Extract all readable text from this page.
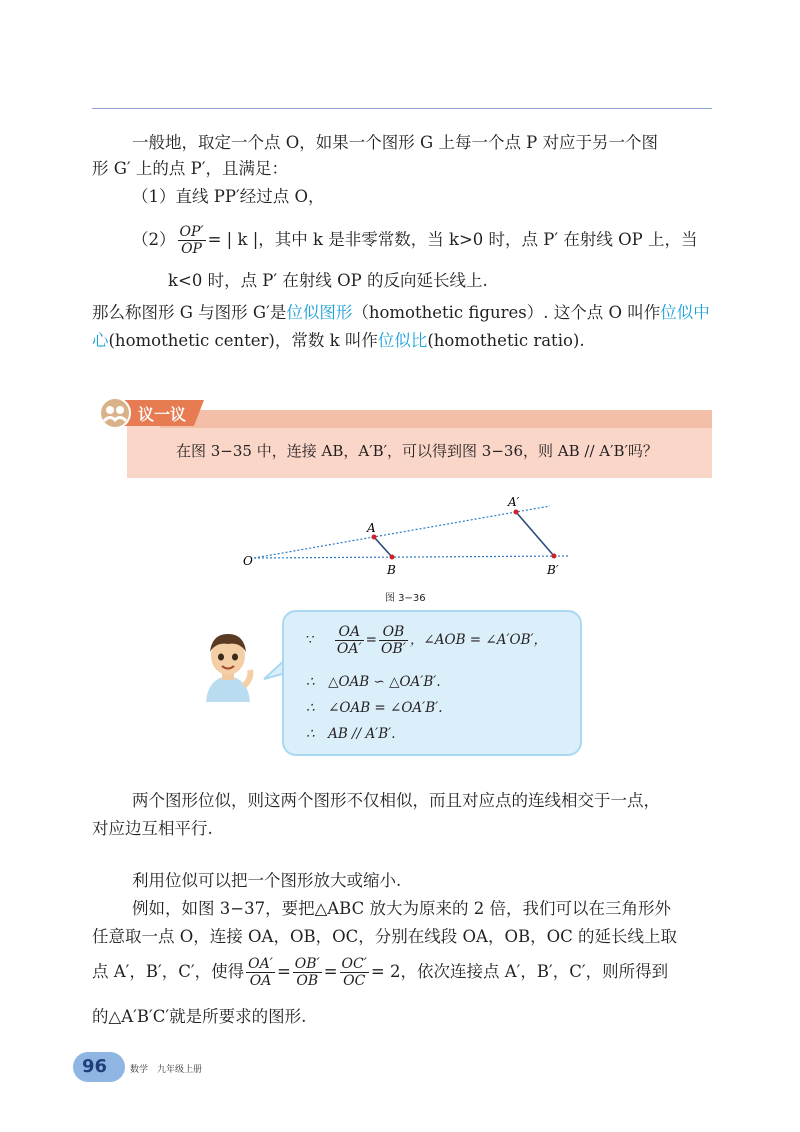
一般地，取定一个点 O，如果一个图形 G 上每一个点 P 对应于另一个图
形 G′ 上的点 P′，且满足：
（1）直线 PP′经过点 O，
$(2) \frac{OP'}{OP}$ = | k |，其中 k 是非零常数，当 k>0 时，点 P′ 在射线 OP 上，当
k<0 时，点 P′ 在射线 OP 的反向延长线上.
那么称图形 G 与图形 G′是位似图形（homothetic figures）. 这个点 O 叫作位似中
心(homothetic center)，常数 k 叫作位似比(homothetic ratio).
议一议
在图 3−35 中，连接 AB，A′B′，可以得到图 3−36，则 AB // A′B′吗？
O
A
B
A′
B′
图 3−36
∵ $\frac{OA}{OA'} = \frac{OB}{OB'}$ ，∠AOB = ∠A′OB′，
∴　△OAB ∽ △OA′B′.
∴　∠OAB = ∠OA′B′.
∴　AB // A′B′.
两个图形位似，则这两个图形不仅相似，而且对应点的连线相交于一点，
对应边互相平行.
利用位似可以把一个图形放大或缩小.
例如，如图 3−37，要把△ABC 放大为原来的 2 倍，我们可以在三角形外
任意取一点 O，连接 OA，OB，OC，分别在线段 OA，OB，OC 的延长线上取
点 A′，B′，C′，使得 $\frac{OA'}{OA} = \frac{OB'}{OB} = \frac{OC'}{OC} = 2$，依次连接点 A′，B′，C′，则所得到
的△A′B′C′就是所要求的图形.
96	数学　九年级上册
